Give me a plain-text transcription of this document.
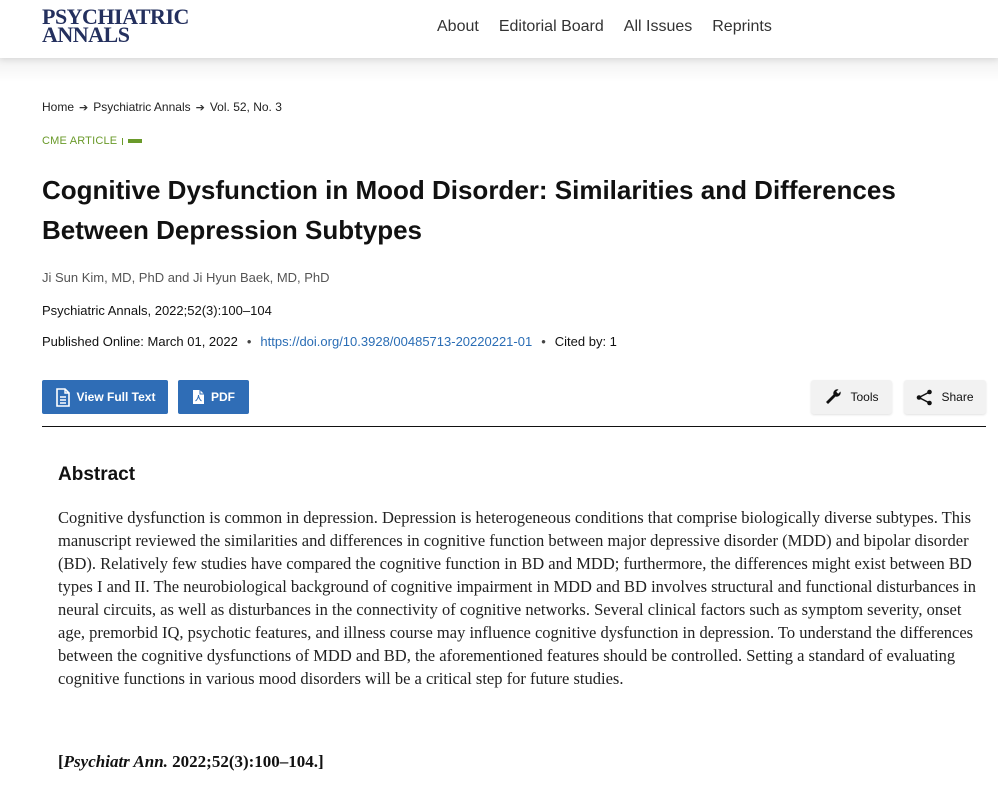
PSYCHIATRIC
ANNALS	About Editorial Board All Issues Reprints
Home ➔ Psychiatric Annals ➔ Vol. 52, No. 3
CME ARTICLE
Cognitive Dysfunction in Mood Disorder: Similarities and Differences Between Depression Subtypes
Ji Sun Kim, MD, PhD and Ji Hyun Baek, MD, PhD
Psychiatric Annals, 2022;52(3):100–104
Published Online: March 01, 2022 • https://doi.org/10.3928/00485713-20220221-01 • Cited by: 1
View Full Text	PDF	Tools	Share
Abstract

Cognitive dysfunction is common in depression. Depression is heterogeneous conditions that comprise biologically diverse subtypes. This manuscript reviewed the similarities and differences in cognitive function between major depressive disorder (MDD) and bipolar disorder (BD). Relatively few studies have compared the cognitive function in BD and MDD; furthermore, the differences might exist between BD types I and II. The neurobiological background of cognitive impairment in MDD and BD involves structural and functional disturbances in neural circuits, as well as disturbances in the connectivity of cognitive networks. Several clinical factors such as symptom severity, onset age, premorbid IQ, psychotic features, and illness course may influence cognitive dysfunction in depression. To understand the differences between the cognitive dysfunctions of MDD and BD, the aforementioned features should be controlled. Setting a standard of evaluating cognitive functions in various mood disorders will be a critical step for future studies.

[Psychiatr Ann. 2022;52(3):100–104.]
